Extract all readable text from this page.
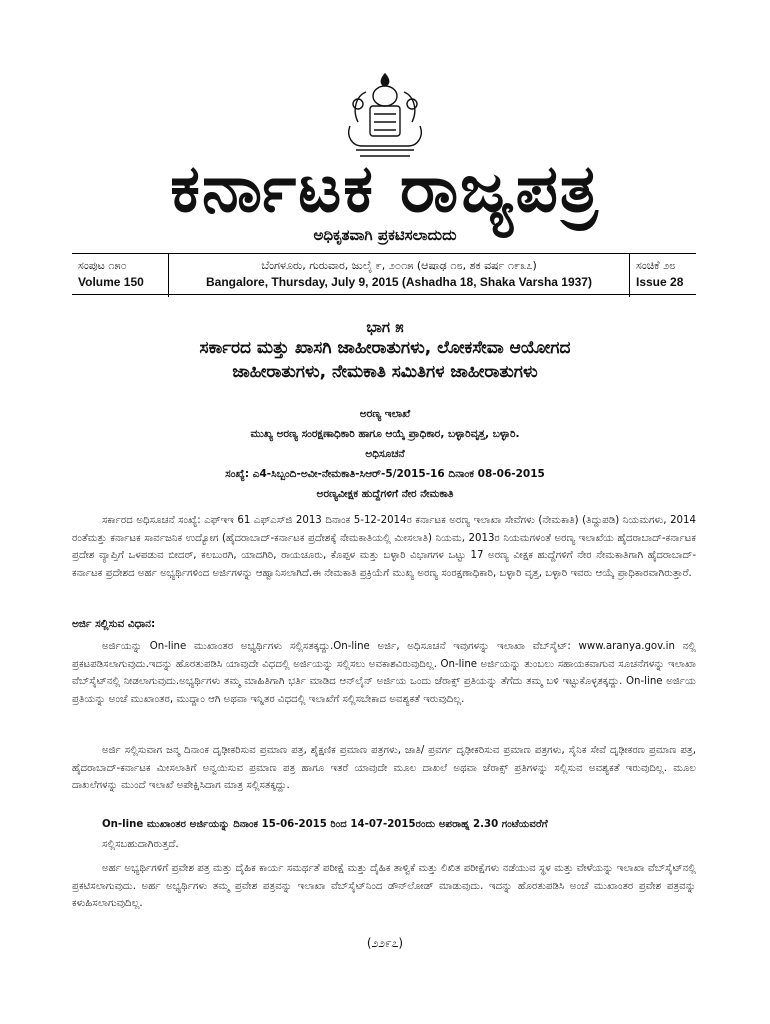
ಕರ್ನಾಟಕ ರಾಜ್ಯಪತ್ರ
ಅಧಿಕೃತವಾಗಿ ಪ್ರಕಟಿಸಲಾದುದು
ಸಂಪುಟ ೧೫೦
Volume 150
ಬೆಂಗಳೂರು, ಗುರುವಾರ, ಜುಲೈ ೯, ೨೦೧೫ (ಆಷಾಢ ೧೮, ಶಕ ವರ್ಷ ೧೯೩೭)
Bangalore, Thursday, July 9, 2015 (Ashadha 18, Shaka Varsha 1937)
ಸಂಚಿಕೆ ೨೮
Issue 28
ಭಾಗ ೫
ಸರ್ಕಾರದ ಮತ್ತು ಖಾಸಗಿ ಜಾಹೀರಾತುಗಳು, ಲೋಕಸೇವಾ ಆಯೋಗದ
ಜಾಹೀರಾತುಗಳು, ನೇಮಕಾತಿ ಸಮಿತಿಗಳ ಜಾಹೀರಾತುಗಳು
ಅರಣ್ಯ ಇಲಾಖೆ
ಮುಖ್ಯ ಅರಣ್ಯ ಸಂರಕ್ಷಣಾಧಿಕಾರಿ ಹಾಗೂ ಆಯ್ಕೆ ಪ್ರಾಧಿಕಾರ, ಬಳ್ಳಾರಿವೃತ್ತ, ಬಳ್ಳಾರಿ.
ಅಧಿಸೂಚನೆ
ಸಂಖ್ಯೆ: ಎ4-ಸಿಬ್ಬಂದಿ-ಅವೀ-ನೇಮಕಾತಿ-ಸಿಆರ್-5/2015-16 ದಿನಾಂಕ 08-06-2015
ಅರಣ್ಯವೀಕ್ಷಕ ಹುದ್ದೆಗಳಿಗೆ ನೇರ ನೇಮಕಾತಿ
ಸರ್ಕಾರದ ಅಧಿಸೂಚನೆ ಸಂಖ್ಯೆ: ಎಫ್‌ಇಇ 61 ಎಫ್‌ಎಸ್‌ಜಿ 2013 ದಿನಾಂಕ 5-12-2014ರ ಕರ್ನಾಟಕ ಅರಣ್ಯ ಇಲಾಖಾ ಸೇವೆಗಳು (ನೇಮಕಾತಿ) (ತಿದ್ದುಪಡಿ) ನಿಯಮಗಳು, 2014 ರಂತೆಮತ್ತು ಕರ್ನಾಟಕ ಸಾರ್ವಜನಿಕ ಉದ್ಯೋಗ (ಹೈದರಾಬಾದ್-ಕರ್ನಾಟಕ ಪ್ರದೇಶಕ್ಕೆ ನೇಮಕಾತಿಯಲ್ಲಿ ಮೀಸಲಾತಿ) ನಿಯಮ, 2013ರ ನಿಯಮಗಳಂತೆ ಅರಣ್ಯ ಇಲಾಖೆಯ ಹೈದರಾಬಾದ್-ಕರ್ನಾಟಕ ಪ್ರದೇಶ ವ್ಯಾಪ್ತಿಗೆ ಒಳಪಡುವ ಬೀದರ್, ಕಲಬುರಗಿ, ಯಾದಗಿರಿ, ರಾಯಚೂರು, ಕೊಪ್ಪಳ ಮತ್ತು ಬಳ್ಳಾರಿ ವಿಭಾಗಗಳ ಒಟ್ಟು 17 ಅರಣ್ಯ ವೀಕ್ಷಕ ಹುದ್ದೆಗಳಿಗೆ ನೇರ ನೇಮಕಾತಿಗಾಗಿ ಹೈದರಾಬಾದ್-ಕರ್ನಾಟಕ ಪ್ರದೇಶದ ಅರ್ಹ ಅಭ್ಯರ್ಥಿಗಳಿಂದ ಅರ್ಜಿಗಳನ್ನು ಆಹ್ವಾನಿಸಲಾಗಿದೆ.ಈ ನೇಮಕಾತಿ ಪ್ರಕ್ರಿಯೆಗೆ ಮುಖ್ಯ ಅರಣ್ಯ ಸಂರಕ್ಷಣಾಧಿಕಾರಿ, ಬಳ್ಳಾರಿ ವೃತ್ತ, ಬಳ್ಳಾರಿ ಇವರು ಆಯ್ಕೆ ಪ್ರಾಧಿಕಾರವಾಗಿರುತ್ತಾರೆ.
ಅರ್ಜಿ ಸಲ್ಲಿಸುವ ವಿಧಾನ:
ಅರ್ಜಿಯನ್ನು On-line ಮುಖಾಂತರ ಅಭ್ಯರ್ಥಿಗಳು ಸಲ್ಲಿಸತಕ್ಕದ್ದು.On-line ಅರ್ಜಿ, ಅಧಿಸೂಚನೆ ಇವುಗಳನ್ನು ಇಲಾಖಾ ವೆಬ್‌ಸೈಟ್: www.aranya.gov.in ನಲ್ಲಿ ಪ್ರಕಟಪಡಿಸಲಾಗುವುದು.ಇದನ್ನು ಹೊರತುಪಡಿಸಿ ಯಾವುದೇ ವಿಧದಲ್ಲಿ ಅರ್ಜಿಯನ್ನು ಸಲ್ಲಿಸಲು ಅವಕಾಶವಿರುವುದಿಲ್ಲ. On-line ಅರ್ಜಿಯನ್ನು ತುಂಬಲು ಸಹಾಯಕವಾಗುವ ಸೂಚನೆಗಳನ್ನು ಇಲಾಖಾ ವೆಬ್‌ಸೈಟ್‌ನಲ್ಲಿ ನೀಡಲಾಗುವುದು.ಅಭ್ಯರ್ಥಿಗಳು ತಮ್ಮ ಮಾಹಿತಿಗಾಗಿ ಭರ್ತಿ ಮಾಡಿದ ಆನ್‌ಲೈನ್ ಅರ್ಜಿಯ ಒಂದು ಜೆರಾಕ್ಸ್ ಪ್ರತಿಯನ್ನು ತೆಗೆದು ತಮ್ಮ ಬಳಿ ಇಟ್ಟುಕೊಳ್ಳತಕ್ಕದ್ದು. On-line ಅರ್ಜಿಯ ಪ್ರತಿಯನ್ನು ಅಂಚೆ ಮುಖಾಂತರ, ಮುದ್ದಾಂ ಆಗಿ ಅಥವಾ ಇನ್ನಿತರ ವಿಧದಲ್ಲಿ ಇಲಾಖೆಗೆ ಸಲ್ಲಿಸಬೇಕಾದ ಅವಶ್ಯಕತೆ ಇರುವುದಿಲ್ಲ.
ಅರ್ಜಿ ಸಲ್ಲಿಸುವಾಗ ಜನ್ಮ ದಿನಾಂಕ ದೃಢೀಕರಿಸುವ ಪ್ರಮಾಣ ಪತ್ರ, ಶೈಕ್ಷಣಿಕ ಪ್ರಮಾಣ ಪತ್ರಗಳು, ಜಾತಿ/ ಪ್ರವರ್ಗ ದೃಢೀಕರಿಸುವ ಪ್ರಮಾಣ ಪತ್ರಗಳು, ಸೈನಿಕ ಸೇವೆ ದೃಢೀಕರಣ ಪ್ರಮಾಣ ಪತ್ರ, ಹೈದರಾಬಾದ್-ಕರ್ನಾಟಕ ಮೀಸಲಾತಿಗೆ ಅನ್ವಯಿಸುವ ಪ್ರಮಾಣ ಪತ್ರ ಹಾಗೂ ಇತರೆ ಯಾವುದೇ ಮೂಲ ದಾಖಲೆ ಅಥವಾ ಜೆರಾಕ್ಸ್ ಪ್ರತಿಗಳನ್ನು ಸಲ್ಲಿಸುವ ಅವಶ್ಯಕತೆ ಇರುವುದಿಲ್ಲ. ಮೂಲ ದಾಖಲೆಗಳನ್ನು ಮುಂದೆ ಇಲಾಖೆ ಅಪೇಕ್ಷಿಸಿದಾಗ ಮಾತ್ರ ಸಲ್ಲಿಸತಕ್ಕದ್ದು.
On-line ಮುಖಾಂತರ ಅರ್ಜಿಯನ್ನು ದಿನಾಂಕ 15-06-2015 ರಿಂದ 14-07-2015ರಂದು ಅಪರಾಹ್ನ 2.30 ಗಂಟೆಯವರೆಗೆ
ಸಲ್ಲಿಸಬಹುದಾಗಿರುತ್ತದೆ.
ಅರ್ಹ ಅಭ್ಯರ್ಥಿಗಳಿಗೆ ಪ್ರವೇಶ ಪತ್ರ ಮತ್ತು ದೈಹಿಕ ಕಾರ್ಯ ಸಮರ್ಥತೆ ಪರೀಕ್ಷೆ ಮತ್ತು ದೈಹಿಕ ತಾಳ್ವಿಕೆ ಮತ್ತು ಲಿಖಿತ ಪರೀಕ್ಷೆಗಳು ನಡೆಯುವ ಸ್ಥಳ ಮತ್ತು ವೇಳೆಯನ್ನು ಇಲಾಖಾ ವೆಬ್‌ಸೈಟ್‌ನಲ್ಲಿ ಪ್ರಕಟಿಸಲಾಗುವುದು. ಅರ್ಹ ಅಭ್ಯರ್ಥಿಗಳು ತಮ್ಮ ಪ್ರವೇಶ ಪತ್ರವನ್ನು ಇಲಾಖಾ ವೆಬ್‌ಸೈಟ್‌ನಿಂದ ಡೌನ್‌ಲೋಡ್ ಮಾಡುವುದು. ಇದನ್ನು ಹೊರತುಪಡಿಸಿ ಅಂಚೆ ಮುಖಾಂತರ ಪ್ರವೇಶ ಪತ್ರವನ್ನು ಕಳುಹಿಸಲಾಗುವುದಿಲ್ಲ.
(೨೨೯೭)
